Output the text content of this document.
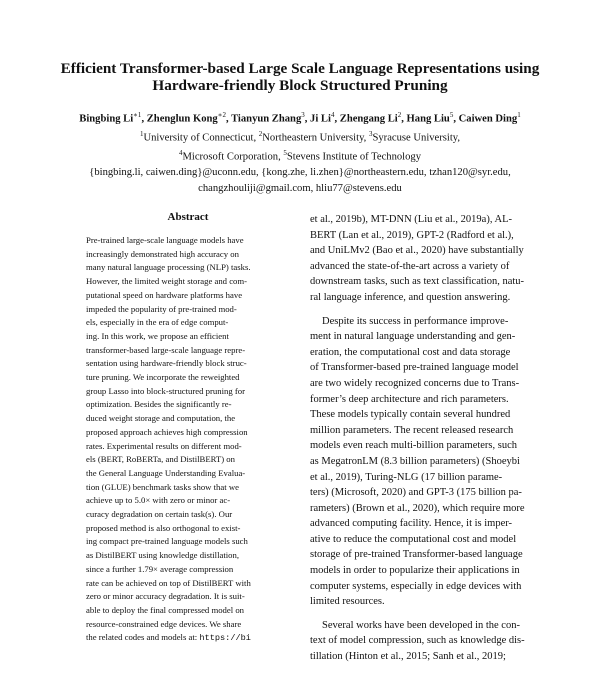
Efficient Transformer-based Large Scale Language Representations using
Hardware-friendly Block Structured Pruning
Bingbing $Li^{∗1}$, Zhenglun Kong$^{∗2}$, Tianyun Zhang$^3$, Ji Li$^4$, Zhengang Li$^2$, Hang Liu$^5$, Caiwen Ding$^1$
$^1$University of Connecticut, $^2$Northeastern University, $^3$Syracuse University,
$^4$Microsoft Corporation, $^5$Stevens Institute of Technology
{bingbing.li, caiwen.ding}@uconn.edu, {kong.zhe, li.zhen}@northeastern.edu, tzhan120@syr.edu,
changzhouliji@gmail.com, hliu77@stevens.edu
Abstract
Pre-trained large-scale language models have
increasingly demonstrated high accuracy on
many natural language processing (NLP) tasks.
However, the limited weight storage and com-
putational speed on hardware platforms have
impeded the popularity of pre-trained mod-
els, especially in the era of edge comput-
ing. In this work, we propose an efficient
transformer-based large-scale language repre-
sentation using hardware-friendly block struc-
ture pruning. We incorporate the reweighted
group Lasso into block-structured pruning for
optimization. Besides the significantly re-
duced weight storage and computation, the
proposed approach achieves high compression
rates. Experimental results on different mod-
els (BERT, RoBERTa, and DistilBERT) on
the General Language Understanding Evalua-
tion (GLUE) benchmark tasks show that we
achieve up to 5.0× with zero or minor ac-
curacy degradation on certain task(s). Our
proposed method is also orthogonal to exist-
ing compact pre-trained language models such
as DistilBERT using knowledge distillation,
since a further 1.79× average compression
rate can be achieved on top of DistilBERT with
zero or minor accuracy degradation. It is suit-
able to deploy the final compressed model on
resource-constrained edge devices. We share
the related codes and models at: https://bi
et al., 2019b), MT-DNN (Liu et al., 2019a), AL-
BERT (Lan et al., 2019), GPT-2 (Radford et al.),
and UniLMv2 (Bao et al., 2020) have substantially
advanced the state-of-the-art across a variety of
downstream tasks, such as text classification, natu-
ral language inference, and question answering.
Despite its success in performance improve-
ment in natural language understanding and gen-
eration, the computational cost and data storage
of Transformer-based pre-trained language model
are two widely recognized concerns due to Trans-
former’s deep architecture and rich parameters.
These models typically contain several hundred
million parameters. The recent released research
models even reach multi-billion parameters, such
as MegatronLM (8.3 billion parameters) (Shoeybi
et al., 2019), Turing-NLG (17 billion parame-
ters) (Microsoft, 2020) and GPT-3 (175 billion pa-
rameters) (Brown et al., 2020), which require more
advanced computing facility. Hence, it is imper-
ative to reduce the computational cost and model
storage of pre-trained Transformer-based language
models in order to popularize their applications in
computer systems, especially in edge devices with
limited resources.
Several works have been developed in the con-
text of model compression, such as knowledge dis-
tillation (Hinton et al., 2015; Sanh et al., 2019;
